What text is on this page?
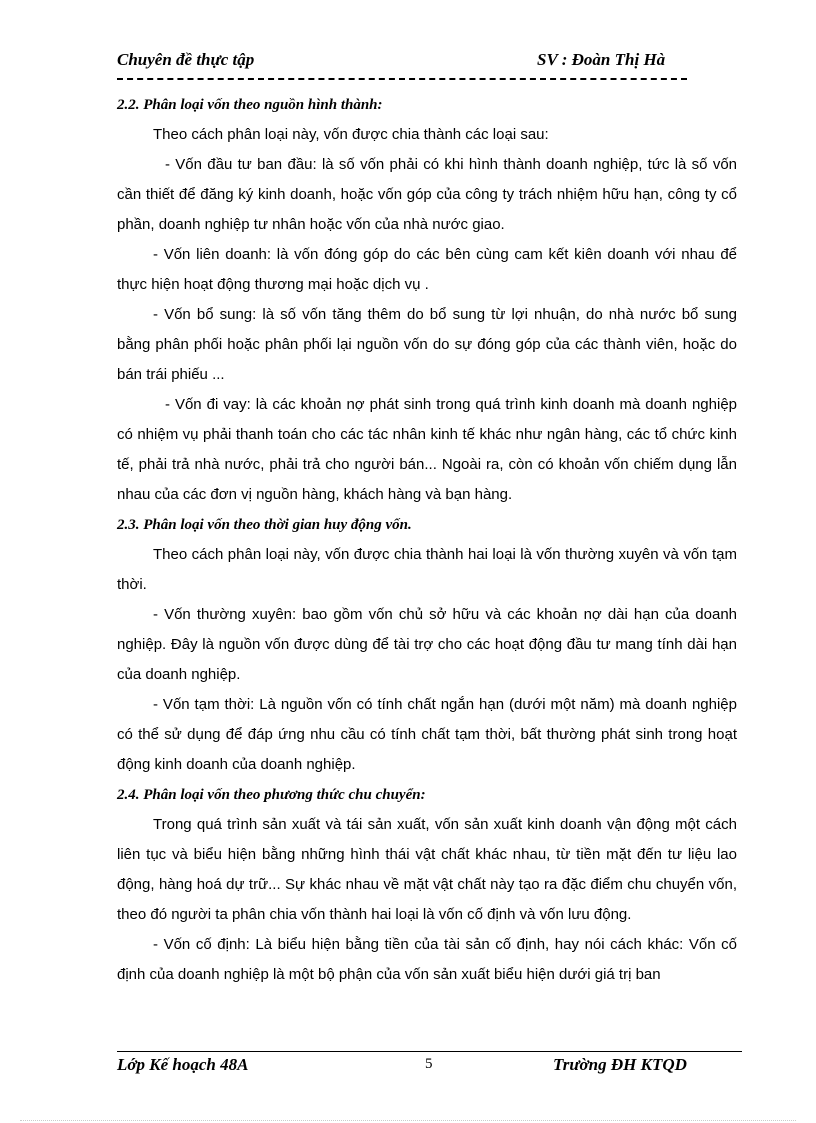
Chuyên đề thực tập	SV : Đoàn Thị Hà
2.2. Phân loại vốn theo nguồn hình thành:

Theo cách phân loại này, vốn được chia thành các loại sau:

- Vốn đầu tư ban đầu: là số vốn phải có khi hình thành doanh nghiệp, tức là số vốn cần thiết để đăng ký kinh doanh, hoặc vốn góp của công ty trách nhiệm hữu hạn, công ty cổ phần, doanh nghiệp tư nhân hoặc vốn của nhà nước giao.

- Vốn liên doanh: là vốn đóng góp do các bên cùng cam kết kiên doanh với nhau để thực hiện hoạt động thương mại hoặc dịch vụ .

- Vốn bổ sung: là số vốn tăng thêm do bổ sung từ lợi nhuận, do nhà nước bổ sung bằng phân phối hoặc phân phối lại nguồn vốn do sự đóng góp của các thành viên, hoặc do bán trái phiếu ...

- Vốn đi vay: là các khoản nợ phát sinh trong quá trình kinh doanh mà doanh nghiệp có nhiệm vụ phải thanh toán cho các tác nhân kinh tế khác như ngân hàng, các tổ chức kinh tế, phải trả nhà nước, phải trả cho người bán... Ngoài ra, còn có khoản vốn chiếm dụng lẫn nhau của các đơn vị nguồn hàng, khách hàng và bạn hàng.

2.3. Phân loại vốn theo thời gian huy động vốn.

Theo cách phân loại này, vốn được chia thành hai loại là vốn thường xuyên và vốn tạm thời.

- Vốn thường xuyên: bao gồm vốn chủ sở hữu và các khoản nợ dài hạn của doanh nghiệp. Đây là nguồn vốn được dùng để tài trợ cho các hoạt động đầu tư mang tính dài hạn của doanh nghiệp.

- Vốn tạm thời: Là nguồn vốn có tính chất ngắn hạn (dưới một năm) mà doanh nghiệp có thể sử dụng để đáp ứng nhu cầu có tính chất tạm thời, bất thường phát sinh trong hoạt động kinh doanh của doanh nghiệp.

2.4. Phân loại vốn theo phương thức chu chuyển:

Trong quá trình sản xuất và tái sản xuất, vốn sản xuất kinh doanh vận động một cách liên tục và biểu hiện bằng những hình thái vật chất khác nhau, từ tiền mặt đến tư liệu lao động, hàng hoá dự trữ... Sự khác nhau về mặt vật chất này tạo ra đặc điểm chu chuyển vốn, theo đó người ta phân chia vốn thành hai loại là vốn cố định và vốn lưu động.

- Vốn cố định: Là biểu hiện bằng tiền của tài sản cố định, hay nói cách khác: Vốn cố định của doanh nghiệp là một bộ phận của vốn sản xuất biểu hiện dưới giá trị ban

Lớp Kế hoạch 48A	5	Trường ĐH KTQD
